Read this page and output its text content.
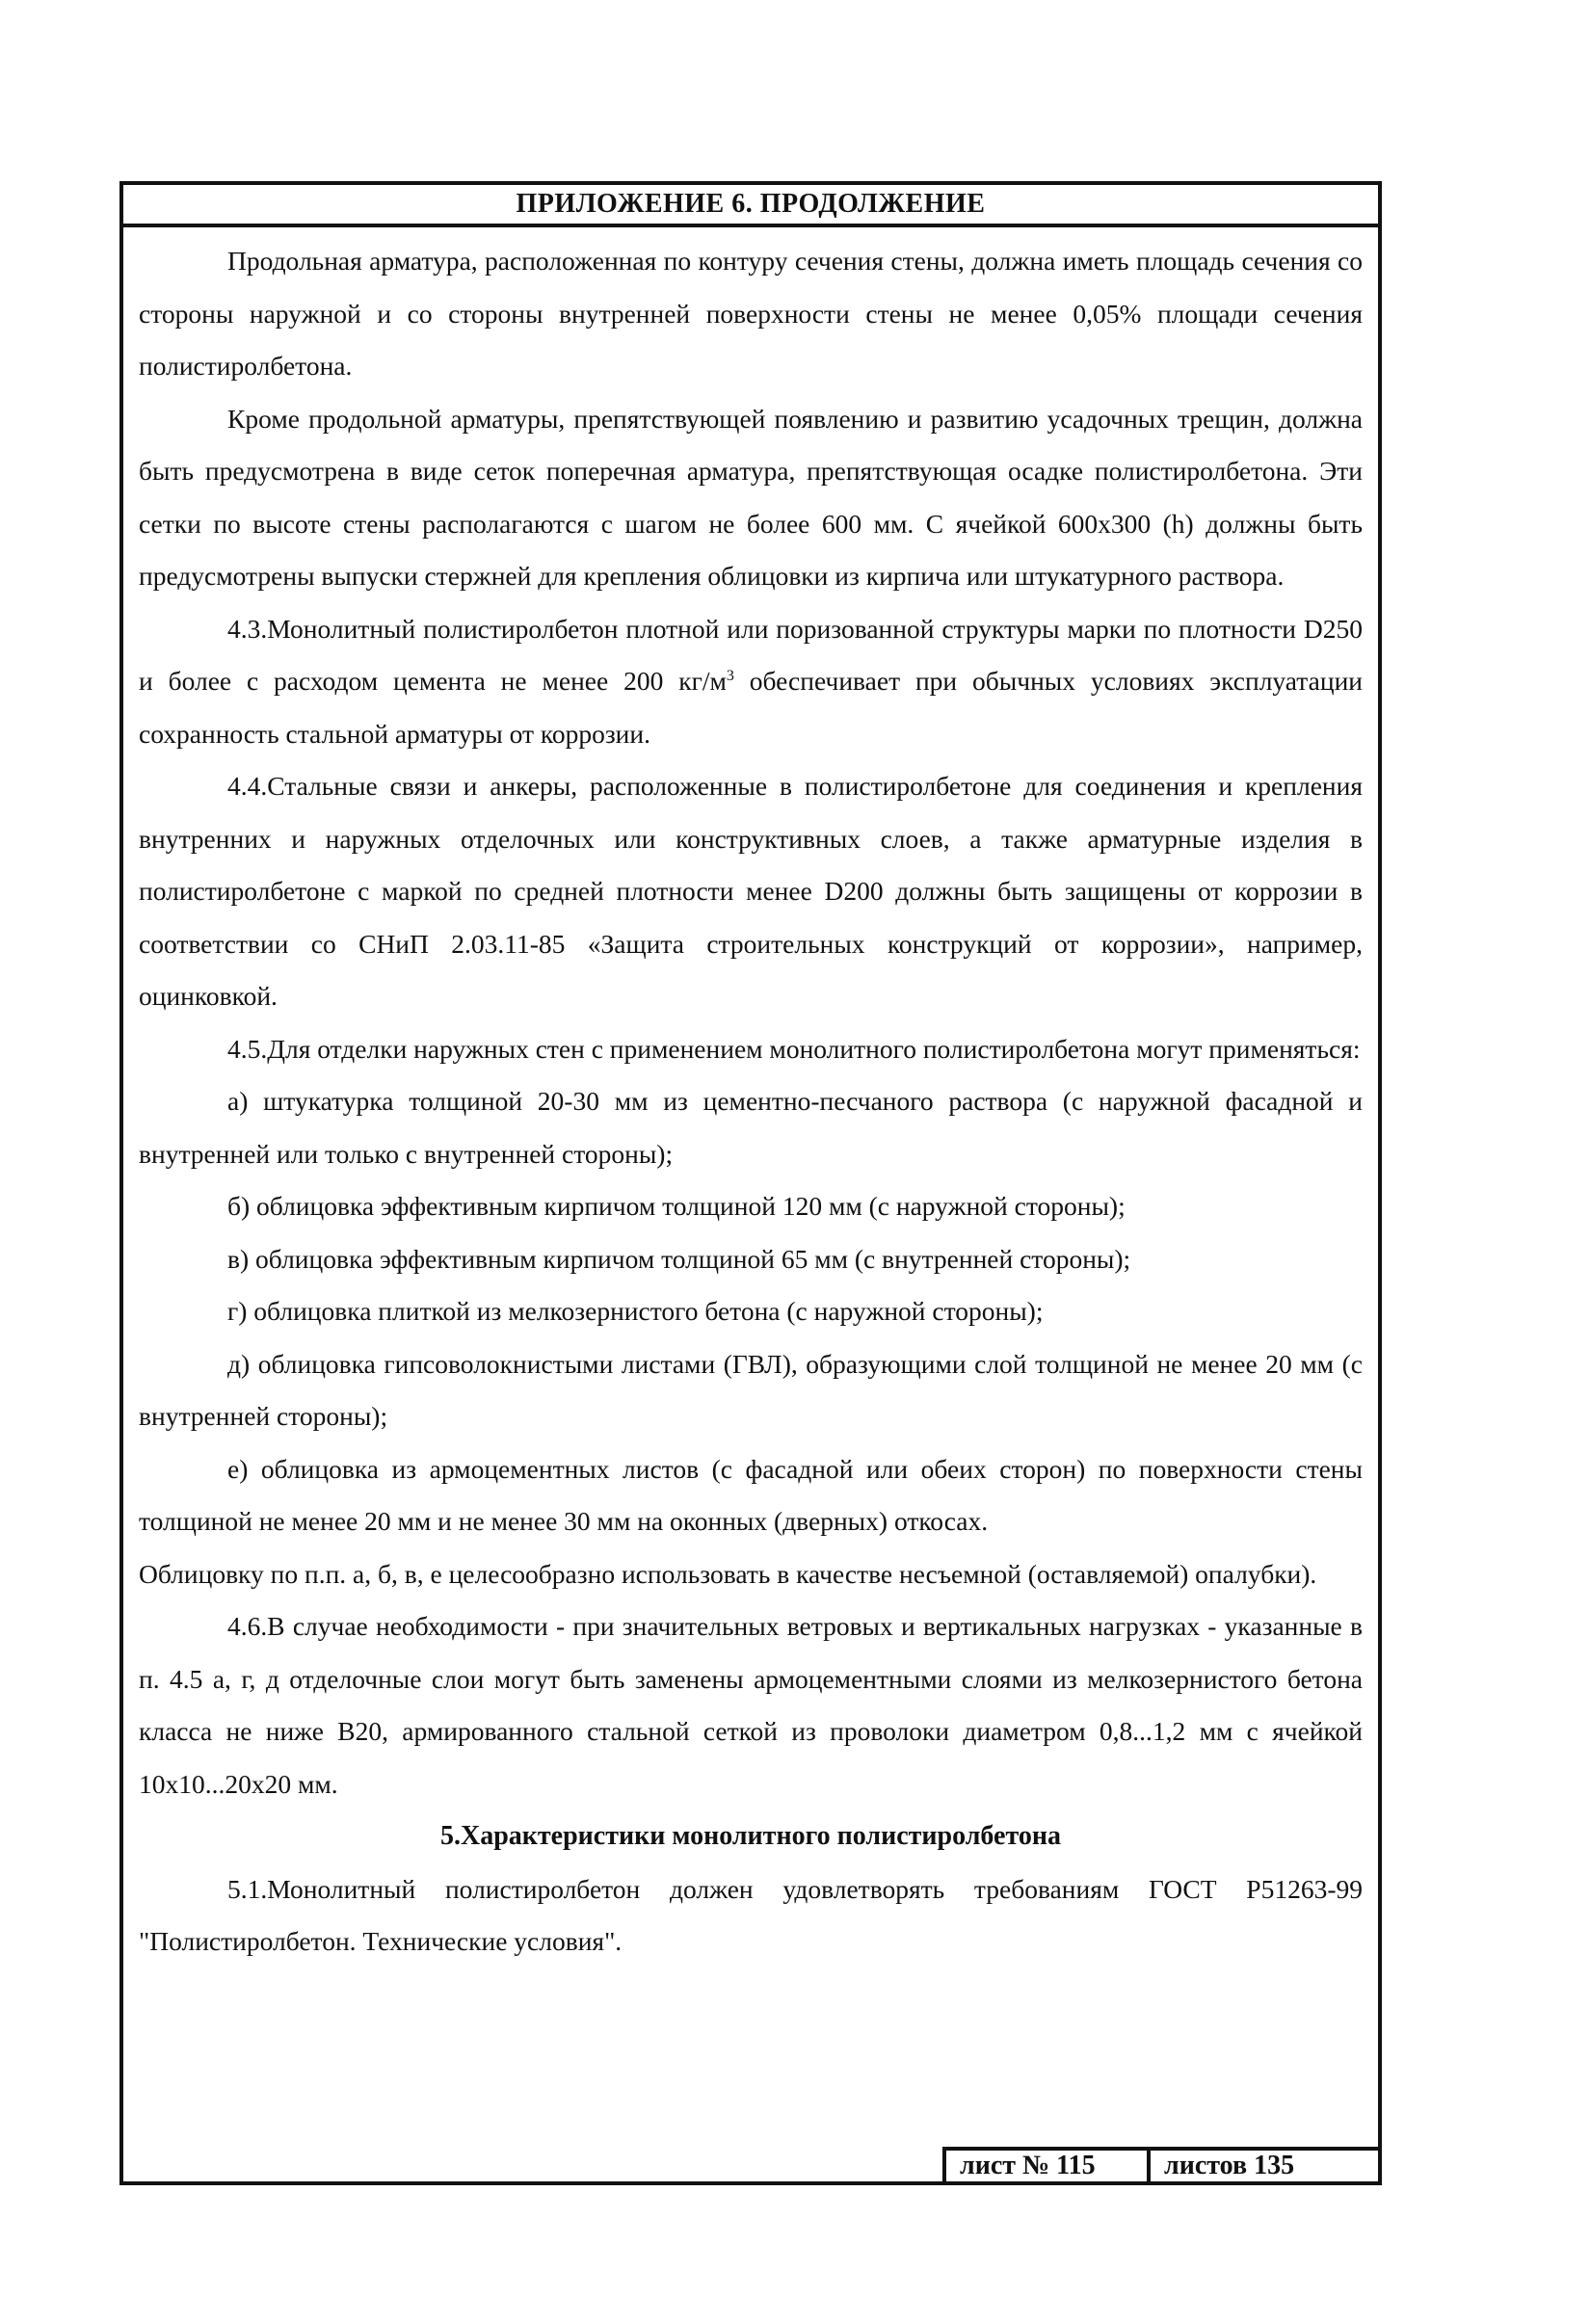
ПРИЛОЖЕНИЕ 6. ПРОДОЛЖЕНИЕ

Продольная арматура, расположенная по контуру сечения стены, должна иметь площадь сечения со стороны наружной и со стороны внутренней поверхности стены не менее 0,05% площади сечения полистиролбетона.

Кроме продольной арматуры, препятствующей появлению и развитию усадочных трещин, должна быть предусмотрена в виде сеток поперечная арматура, препятствующая осадке полистиролбетона. Эти сетки по высоте стены располагаются с шагом не более 600 мм. С ячейкой 600х300 (h) должны быть предусмотрены выпуски стержней для крепления облицовки из кирпича или штукатурного раствора.

4.3.Монолитный полистиролбетон плотной или поризованной структуры марки по плотности D250 и более с расходом цемента не менее 200 $кг/м^3$ обеспечивает при обычных условиях эксплуатации сохранность стальной арматуры от коррозии.

4.4.Стальные связи и анкеры, расположенные в полистиролбетоне для соединения и крепления внутренних и наружных отделочных или конструктивных слоев, а также арматурные изделия в полистиролбетоне с маркой по средней плотности менее D200 должны быть защищены от коррозии в соответствии со СНиП 2.03.11-85 «Защита строительных конструкций от коррозии», например, оцинковкой.

4.5.Для отделки наружных стен с применением монолитного полистиролбетона могут применяться:

а) штукатурка толщиной 20-30 мм из цементно-песчаного раствора (с наружной фасадной и внутренней или только с внутренней стороны);

б) облицовка эффективным кирпичом толщиной 120 мм (с наружной стороны);

в) облицовка эффективным кирпичом толщиной 65 мм (с внутренней стороны);

г) облицовка плиткой из мелкозернистого бетона (с наружной стороны);

д) облицовка гипсоволокнистыми листами (ГВЛ), образующими слой толщиной не менее 20 мм (с внутренней стороны);

е) облицовка из армоцементных листов (с фасадной или обеих сторон) по поверхности стены толщиной не менее 20 мм и не менее 30 мм на оконных (дверных) откосах.

Облицовку по п.п. а, б, в, е целесообразно использовать в качестве несъемной (оставляемой) опалубки).

4.6.В случае необходимости - при значительных ветровых и вертикальных нагрузках - указанные в п. 4.5 а, г, д отделочные слои могут быть заменены армоцементными слоями из мелкозернистого бетона класса не ниже В20, армированного стальной сеткой из проволоки диаметром 0,8...1,2 мм с ячейкой 10х10...20х20 мм.

5.Характеристики монолитного полистиролбетона

5.1.Монолитный полистиролбетон должен удовлетворять требованиям ГОСТ Р51263-99 "Полистиролбетон. Технические условия".

лист № 115	листов 135
